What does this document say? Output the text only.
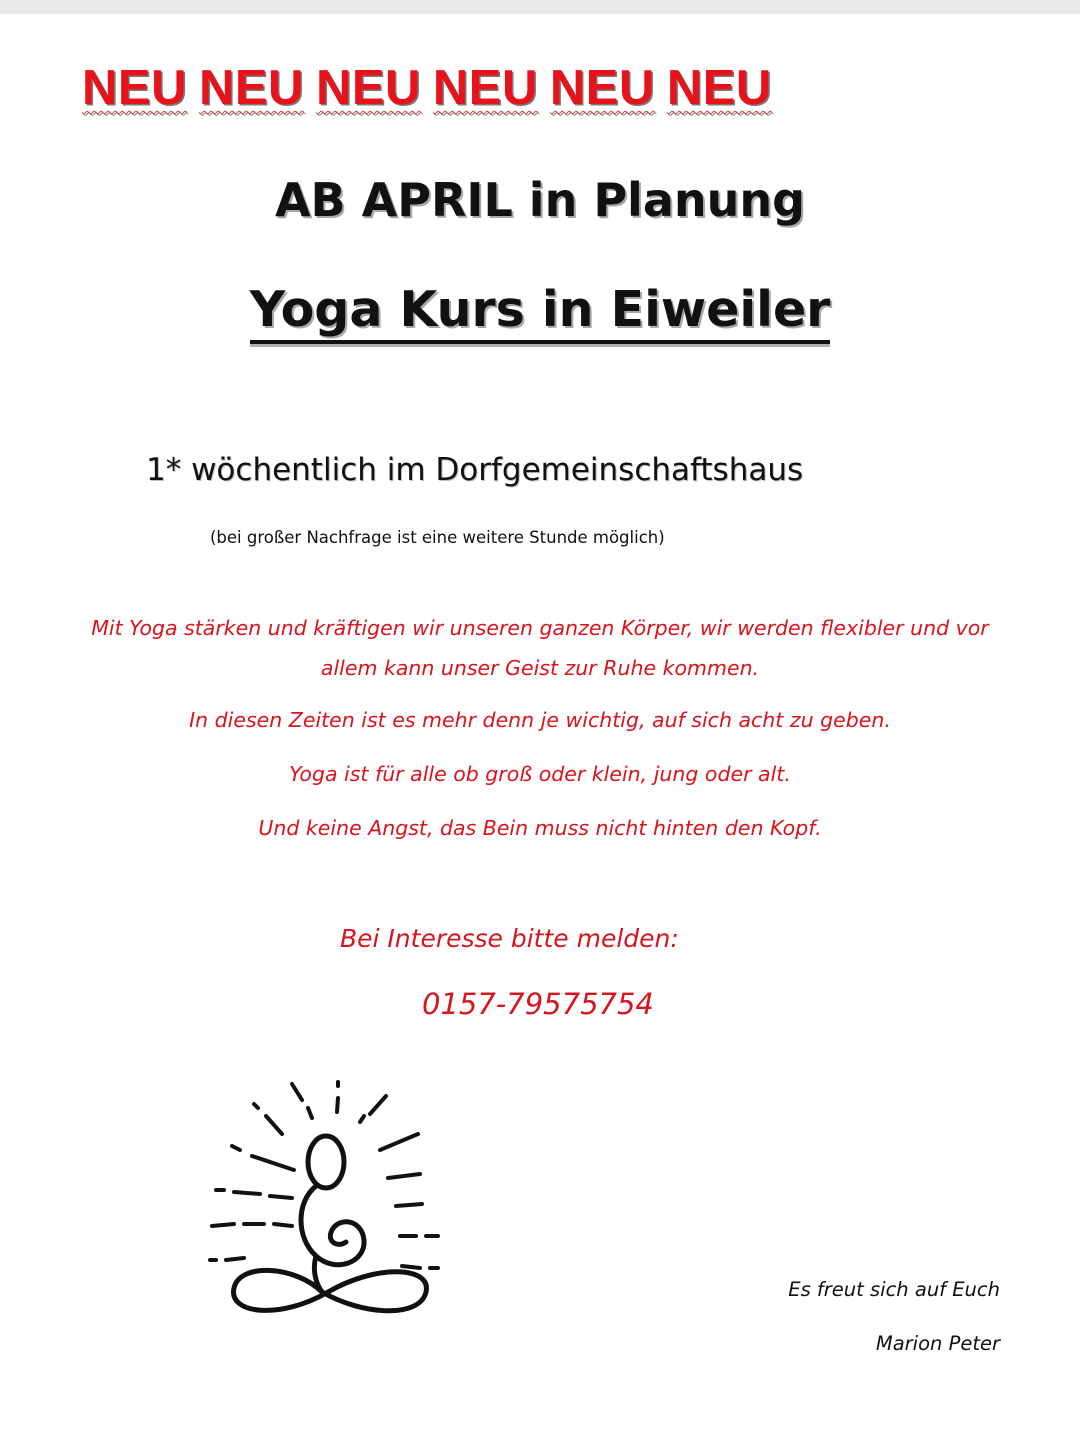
NEU NEU NEU NEU NEU NEU

AB APRIL in Planung

Yoga Kurs in Eiweiler

1* wöchentlich im Dorfgemeinschaftshaus

(bei großer Nachfrage ist eine weitere Stunde möglich)

Mit Yoga stärken und kräftigen wir unseren ganzen Körper, wir werden flexibler und vor

allem kann unser Geist zur Ruhe kommen.

In diesen Zeiten ist es mehr denn je wichtig, auf sich acht zu geben.

Yoga ist für alle ob groß oder klein, jung oder alt.

Und keine Angst, das Bein muss nicht hinten den Kopf.

Bei Interesse bitte melden:

0157-79575754

Es freut sich auf Euch

Marion Peter
